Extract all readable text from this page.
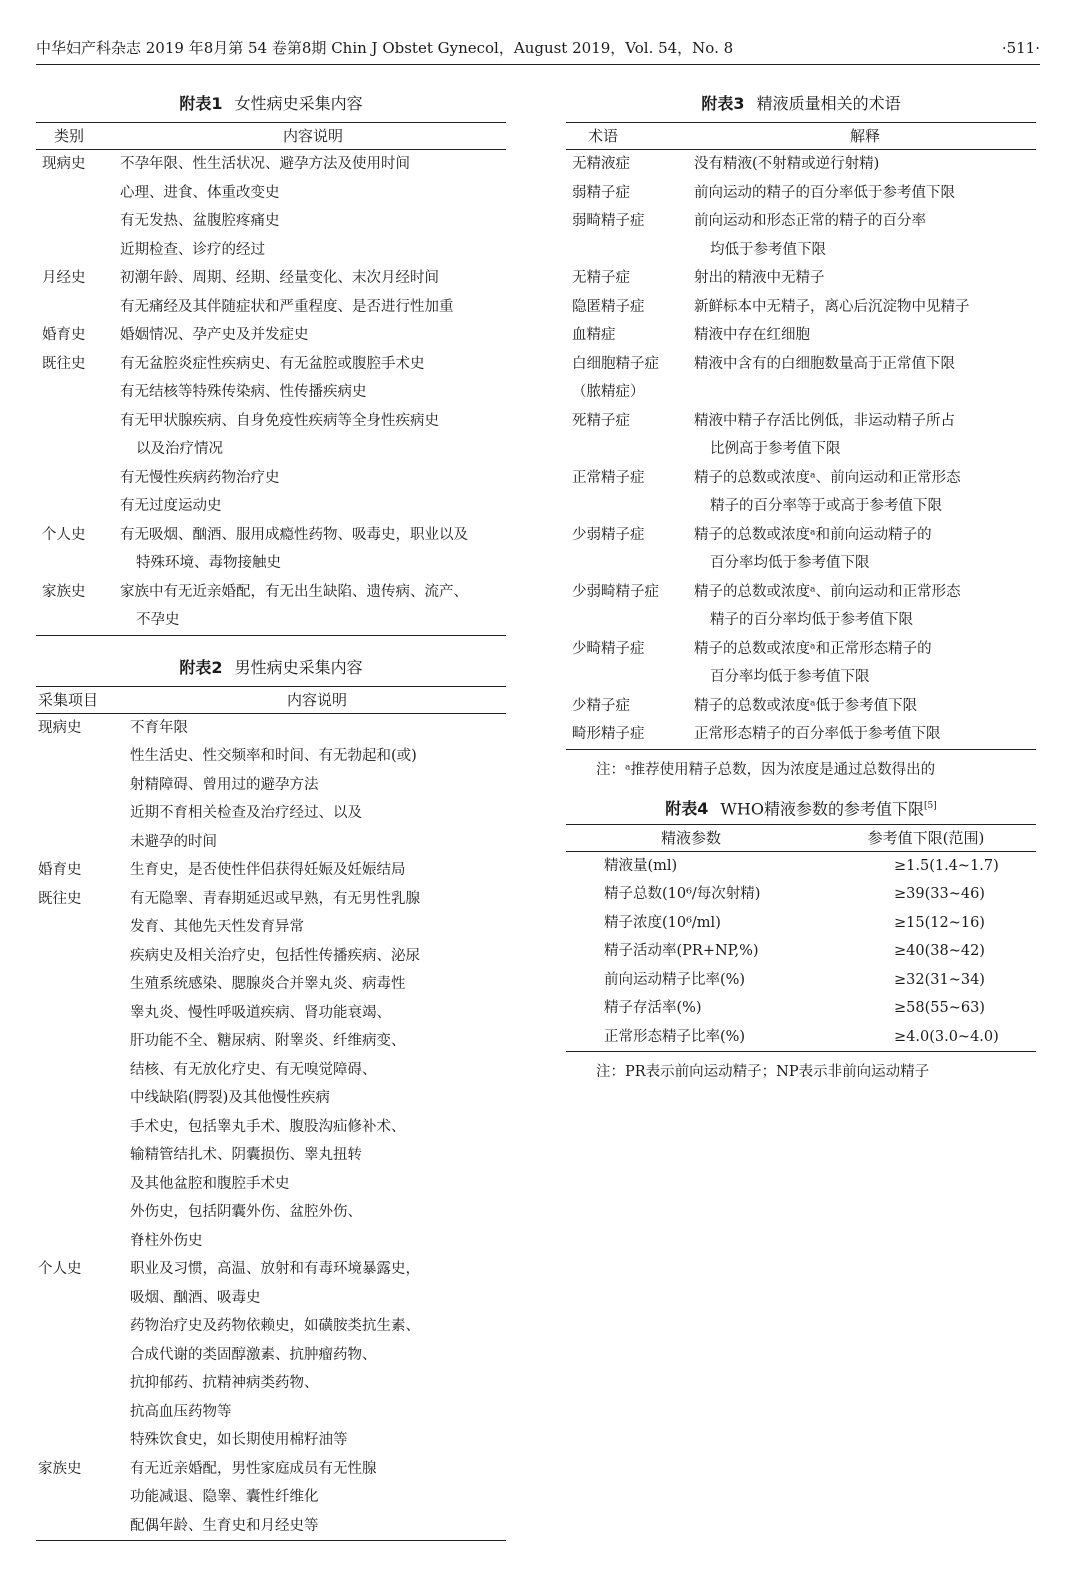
中华妇产科杂志 2019 年8月第 54 卷第8期 Chin J Obstet Gynecol，August 2019，Vol. 54，No. 8	·511·
附表1 女性病史采集内容
类别	内容说明
现病史	不孕年限、性生活状况、避孕方法及使用时间
心理、进食、体重改变史
有无发热、盆腹腔疼痛史
近期检查、诊疗的经过
月经史	初潮年龄、周期、经期、经量变化、末次月经时间
有无痛经及其伴随症状和严重程度、是否进行性加重
婚育史	婚姻情况、孕产史及并发症史
既往史	有无盆腔炎症性疾病史、有无盆腔或腹腔手术史
有无结核等特殊传染病、性传播疾病史
有无甲状腺疾病、自身免疫性疾病等全身性疾病史
以及治疗情况
有无慢性疾病药物治疗史
有无过度运动史
个人史	有无吸烟、酗酒、服用成瘾性药物、吸毒史，职业以及
特殊环境、毒物接触史
家族史	家族中有无近亲婚配，有无出生缺陷、遗传病、流产、
不孕史
附表2 男性病史采集内容
采集项目	内容说明
现病史	不育年限
性生活史、性交频率和时间、有无勃起和(或)
射精障碍、曾用过的避孕方法
近期不育相关检查及治疗经过、以及
未避孕的时间
婚育史	生育史，是否使性伴侣获得妊娠及妊娠结局
既往史	有无隐睾、青春期延迟或早熟，有无男性乳腺
发育、其他先天性发育异常
疾病史及相关治疗史，包括性传播疾病、泌尿
生殖系统感染、腮腺炎合并睾丸炎、病毒性
睾丸炎、慢性呼吸道疾病、肾功能衰竭、
肝功能不全、糖尿病、附睾炎、纤维病变、
结核、有无放化疗史、有无嗅觉障碍、
中线缺陷(腭裂)及其他慢性疾病
手术史，包括睾丸手术、腹股沟疝修补术、
输精管结扎术、阴囊损伤、睾丸扭转
及其他盆腔和腹腔手术史
外伤史，包括阴囊外伤、盆腔外伤、
脊柱外伤史
个人史	职业及习惯，高温、放射和有毒环境暴露史，
吸烟、酗酒、吸毒史
药物治疗史及药物依赖史，如磺胺类抗生素、
合成代谢的类固醇激素、抗肿瘤药物、
抗抑郁药、抗精神病类药物、
抗高血压药物等
特殊饮食史，如长期使用棉籽油等
家族史	有无近亲婚配，男性家庭成员有无性腺
功能减退、隐睾、囊性纤维化
配偶年龄、生育史和月经史等
附表3 精液质量相关的术语
术语	解释
无精液症	没有精液(不射精或逆行射精)
弱精子症	前向运动的精子的百分率低于参考值下限
弱畸精子症	前向运动和形态正常的精子的百分率
均低于参考值下限
无精子症	射出的精液中无精子
隐匿精子症	新鲜标本中无精子，离心后沉淀物中见精子
血精症	精液中存在红细胞
白细胞精子症	精液中含有的白细胞数量高于正常值下限
（脓精症）
死精子症	精液中精子存活比例低，非运动精子所占
比例高于参考值下限
正常精子症	精子的总数或浓度ᵃ、前向运动和正常形态
精子的百分率等于或高于参考值下限
少弱精子症	精子的总数或浓度ᵃ和前向运动精子的
百分率均低于参考值下限
少弱畸精子症	精子的总数或浓度ᵃ、前向运动和正常形态
精子的百分率均低于参考值下限
少畸精子症	精子的总数或浓度ᵃ和正常形态精子的
百分率均低于参考值下限
少精子症	精子的总数或浓度ᵃ低于参考值下限
畸形精子症	正常形态精子的百分率低于参考值下限
注：ᵃ推荐使用精子总数，因为浓度是通过总数得出的
附表4 WHO精液参数的参考值下限[5]
精液参数	参考值下限(范围)
精液量(ml)	≥1.5(1.4~1.7)
精子总数(10⁶/每次射精)	≥39(33~46)
精子浓度(10⁶/ml)	≥15(12~16)
精子活动率(PR+NP,%)	≥40(38~42)
前向运动精子比率(%)	≥32(31~34)
精子存活率(%)	≥58(55~63)
正常形态精子比率(%)	≥4.0(3.0~4.0)
注：PR表示前向运动精子；NP表示非前向运动精子
